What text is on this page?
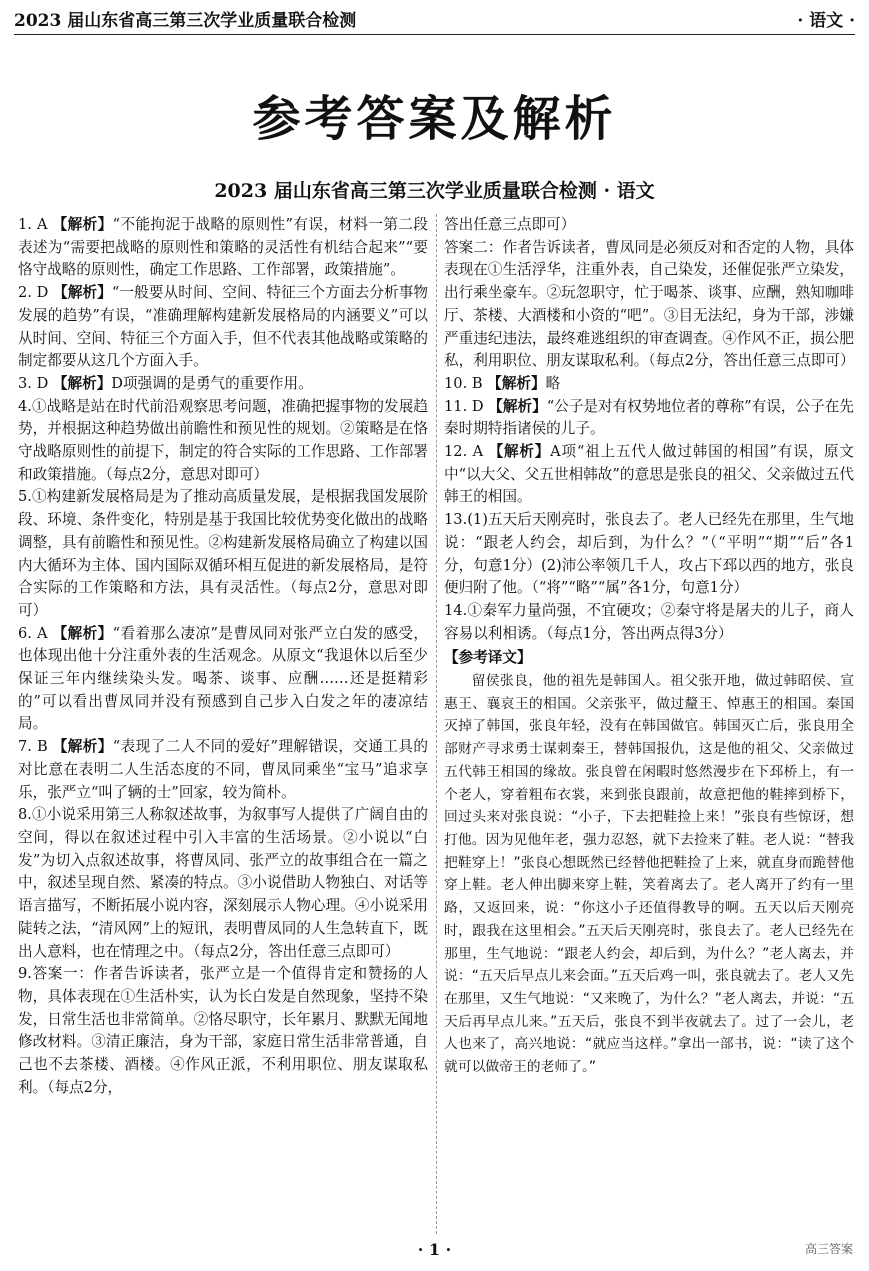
2023 届山东省高三第三次学业质量联合检测	· 语文 ·
参考答案及解析
2023 届山东省高三第三次学业质量联合检测 · 语文

1. A 【解析】“不能拘泥于战略的原则性”有误，材料一第二段表述为“需要把战略的原则性和策略的灵活性有机结合起来”“要恪守战略的原则性，确定工作思路、工作部署，政策措施”。

2. D 【解析】“一般要从时间、空间、特征三个方面去分析事物发展的趋势”有误，“准确理解构建新发展格局的内涵要义”可以从时间、空间、特征三个方面入手，但不代表其他战略或策略的制定都要从这几个方面入手。

3. D 【解析】D项强调的是勇气的重要作用。

4.①战略是站在时代前沿观察思考问题，准确把握事物的发展趋势，并根据这种趋势做出前瞻性和预见性的规划。②策略是在恪守战略原则性的前提下，制定的符合实际的工作思路、工作部署和政策措施。（每点2分，意思对即可）

5.①构建新发展格局是为了推动高质量发展，是根据我国发展阶段、环境、条件变化，特别是基于我国比较优势变化做出的战略调整，具有前瞻性和预见性。②构建新发展格局确立了构建以国内大循环为主体、国内国际双循环相互促进的新发展格局，是符合实际的工作策略和方法，具有灵活性。（每点2分，意思对即可）

6. A 【解析】“看着那么凄凉”是曹凤同对张严立白发的感受，也体现出他十分注重外表的生活观念。从原文“我退休以后至少保证三年内继续染头发。喝茶、谈事、应酬……还是挺精彩的”可以看出曹凤同并没有预感到自己步入白发之年的凄凉结局。

7. B 【解析】“表现了二人不同的爱好”理解错误，交通工具的对比意在表明二人生活态度的不同，曹凤同乘坐“宝马”追求享乐，张严立“叫了辆的士”回家，较为简朴。

8.①小说采用第三人称叙述故事，为叙事写人提供了广阔自由的空间，得以在叙述过程中引入丰富的生活场景。②小说以“白发”为切入点叙述故事，将曹凤同、张严立的故事组合在一篇之中，叙述呈现自然、紧凑的特点。③小说借助人物独白、对话等语言描写，不断拓展小说内容，深刻展示人物心理。④小说采用陡转之法，“清风网”上的短讯，表明曹凤同的人生急转直下，既出人意料，也在情理之中。（每点2分，答出任意三点即可）

9.答案一：作者告诉读者，张严立是一个值得肯定和赞扬的人物，具体表现在①生活朴实，认为长白发是自然现象，坚持不染发，日常生活也非常简单。②恪尽职守，长年累月、默默无闻地修改材料。③清正廉洁，身为干部，家庭日常生活非常普通，自己也不去茶楼、酒楼。④作风正派，不利用职位、朋友谋取私利。（每点2分，

答出任意三点即可）

答案二：作者告诉读者，曹凤同是必须反对和否定的人物，具体表现在①生活浮华，注重外表，自己染发，还催促张严立染发，出行乘坐豪车。②玩忽职守，忙于喝茶、谈事、应酬，熟知咖啡厅、茶楼、大酒楼和小资的“吧”。③目无法纪，身为干部，涉嫌严重违纪违法，最终难逃组织的审查调查。④作风不正，损公肥私，利用职位、朋友谋取私利。（每点2分，答出任意三点即可）

10. B 【解析】略

11. D 【解析】“公子是对有权势地位者的尊称”有误，公子在先秦时期特指诸侯的儿子。

12. A 【解析】A项“祖上五代人做过韩国的相国”有误，原文中“以大父、父五世相韩故”的意思是张良的祖父、父亲做过五代韩王的相国。

13.(1)五天后天刚亮时，张良去了。老人已经先在那里，生气地说：“跟老人约会，却后到，为什么？”（“平明”“期”“后”各1分，句意1分）(2)沛公率领几千人，攻占下邳以西的地方，张良便归附了他。（“将”“略”“属”各1分，句意1分）

14.①秦军力量尚强，不宜硬攻；②秦守将是屠夫的儿子，商人容易以利相诱。（每点1分，答出两点得3分）

【参考译文】

留侯张良，他的祖先是韩国人。祖父张开地，做过韩昭侯、宣惠王、襄哀王的相国。父亲张平，做过釐王、悼惠王的相国。秦国灭掉了韩国，张良年轻，没有在韩国做官。韩国灭亡后，张良用全部财产寻求勇士谋刺秦王，替韩国报仇，这是他的祖父、父亲做过五代韩王相国的缘故。张良曾在闲暇时悠然漫步在下邳桥上，有一个老人，穿着粗布衣裳，来到张良跟前，故意把他的鞋摔到桥下，回过头来对张良说：“小子，下去把鞋捡上来！”张良有些惊讶，想打他。因为见他年老，强力忍怒，就下去捡来了鞋。老人说：“替我把鞋穿上！”张良心想既然已经替他把鞋捡了上来，就直身而跪替他穿上鞋。老人伸出脚来穿上鞋，笑着离去了。老人离开了约有一里路，又返回来，说：“你这小子还值得教导的啊。五天以后天刚亮时，跟我在这里相会。”五天后天刚亮时，张良去了。老人已经先在那里，生气地说：“跟老人约会，却后到，为什么？”老人离去，并说：“五天后早点儿来会面。”五天后鸡一叫，张良就去了。老人又先在那里，又生气地说：“又来晚了，为什么？”老人离去，并说：“五天后再早点儿来。”五天后，张良不到半夜就去了。过了一会儿，老人也来了，高兴地说：“就应当这样。”拿出一部书，说：“读了这个就可以做帝王的老师了。”

· 1 ·	高三答案
